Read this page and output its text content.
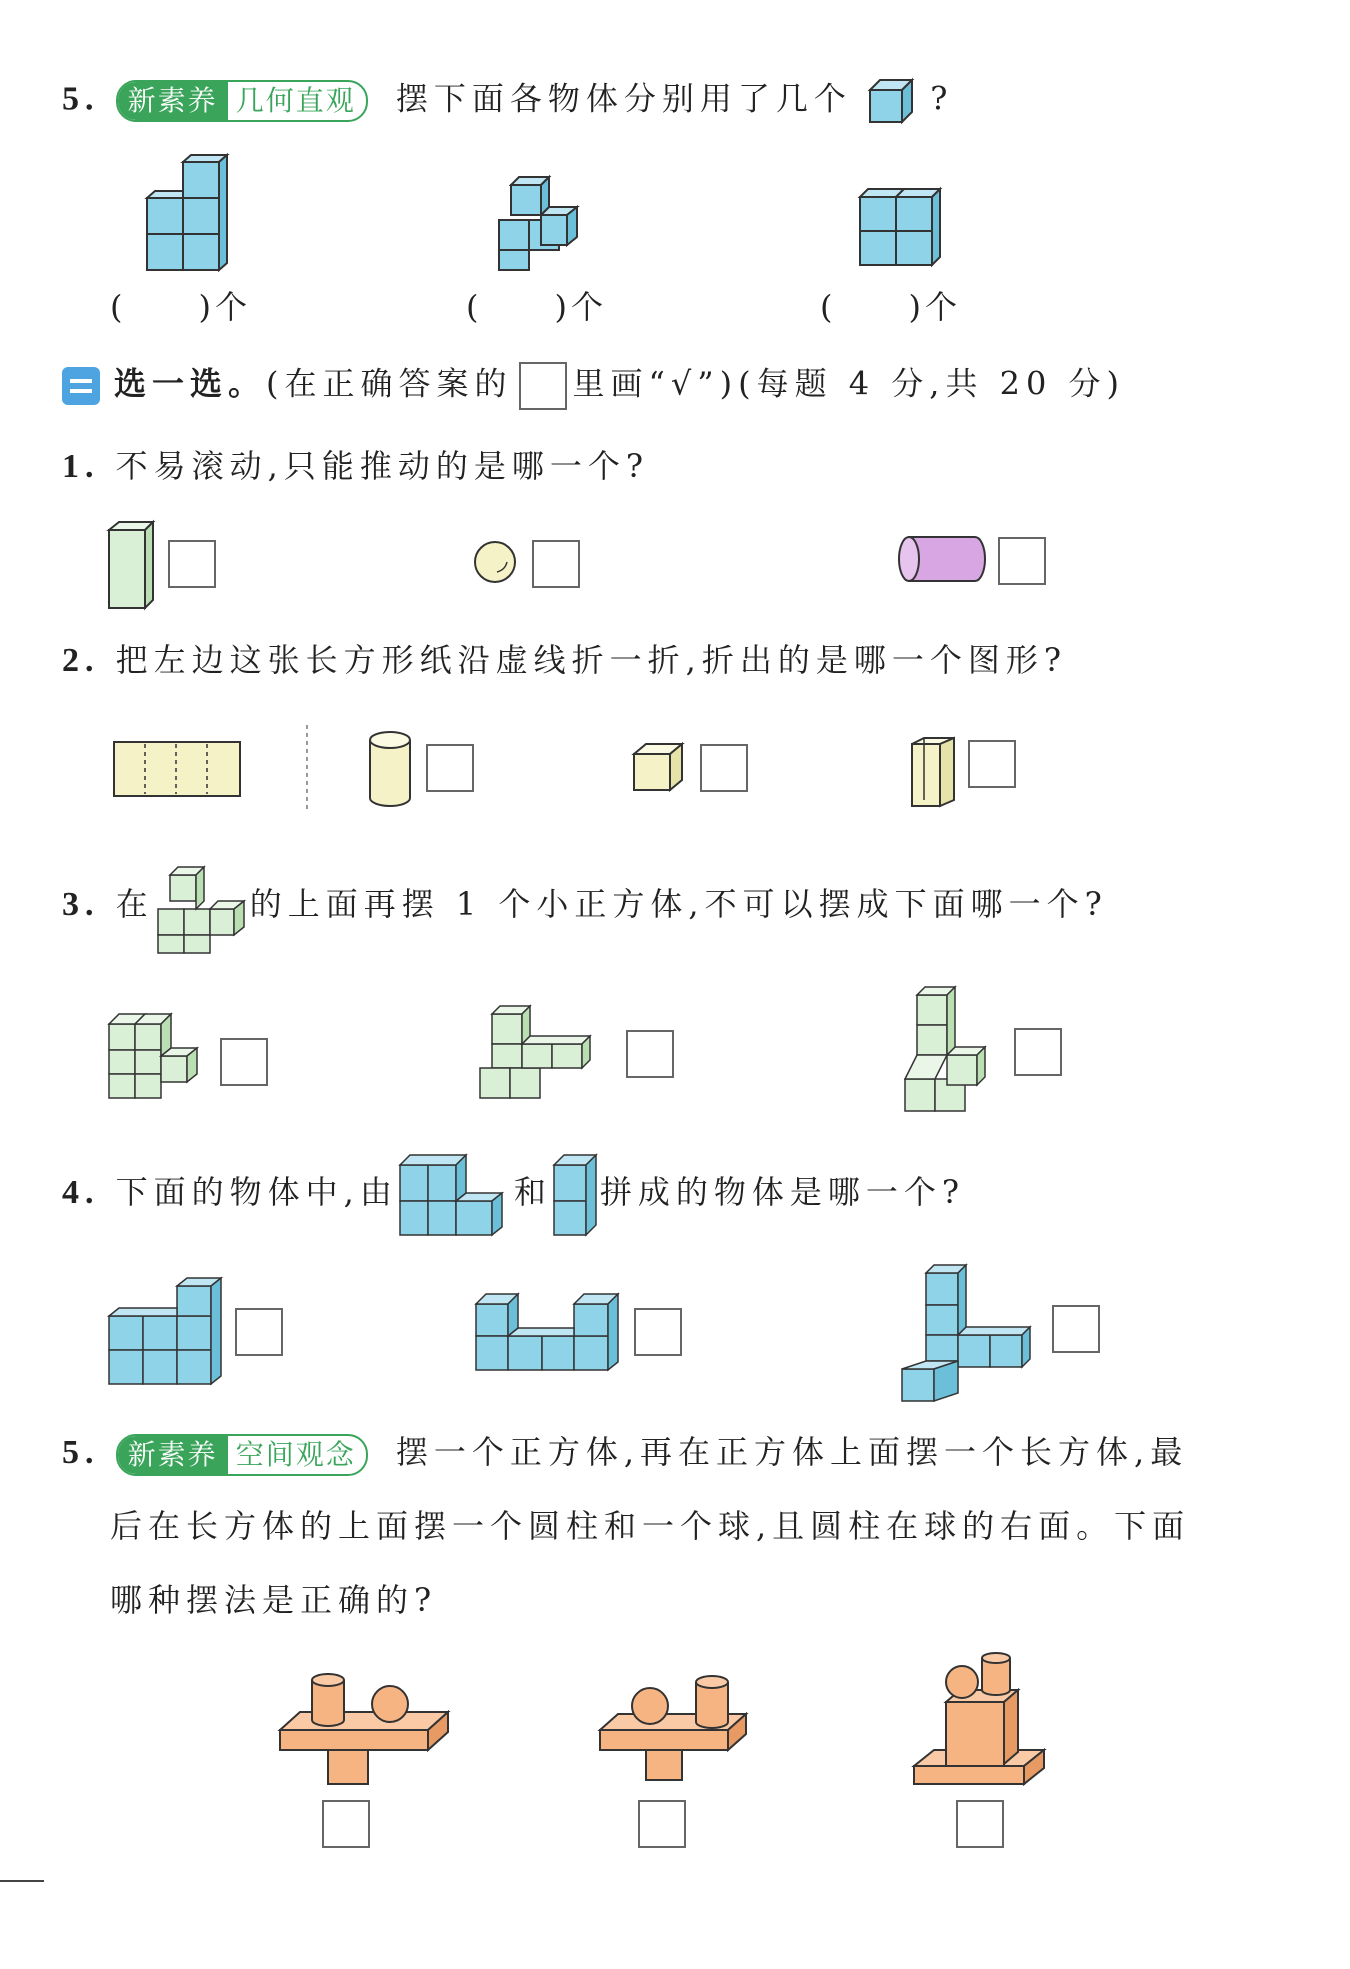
5.	新素养 几何直观	摆下面各物体分别用了几个 ?
(　　)个	(　　)个	(　　)个
选一选。(在正确答案的 里画“√”)(每题 4 分,共 20 分)
1. 不易滚动,只能推动的是哪一个?
2. 把左边这张长方形纸沿虚线折一折,折出的是哪一个图形?
3. 在	的上面再摆 1 个小正方体,不可以摆成下面哪一个?
4. 下面的物体中,由	和 拼成的物体是哪一个?
5.	新素养 空间观念	摆一个正方体,再在正方体上面摆一个长方体,最
后在长方体的上面摆一个圆柱和一个球,且圆柱在球的右面。下面
哪种摆法是正确的?
